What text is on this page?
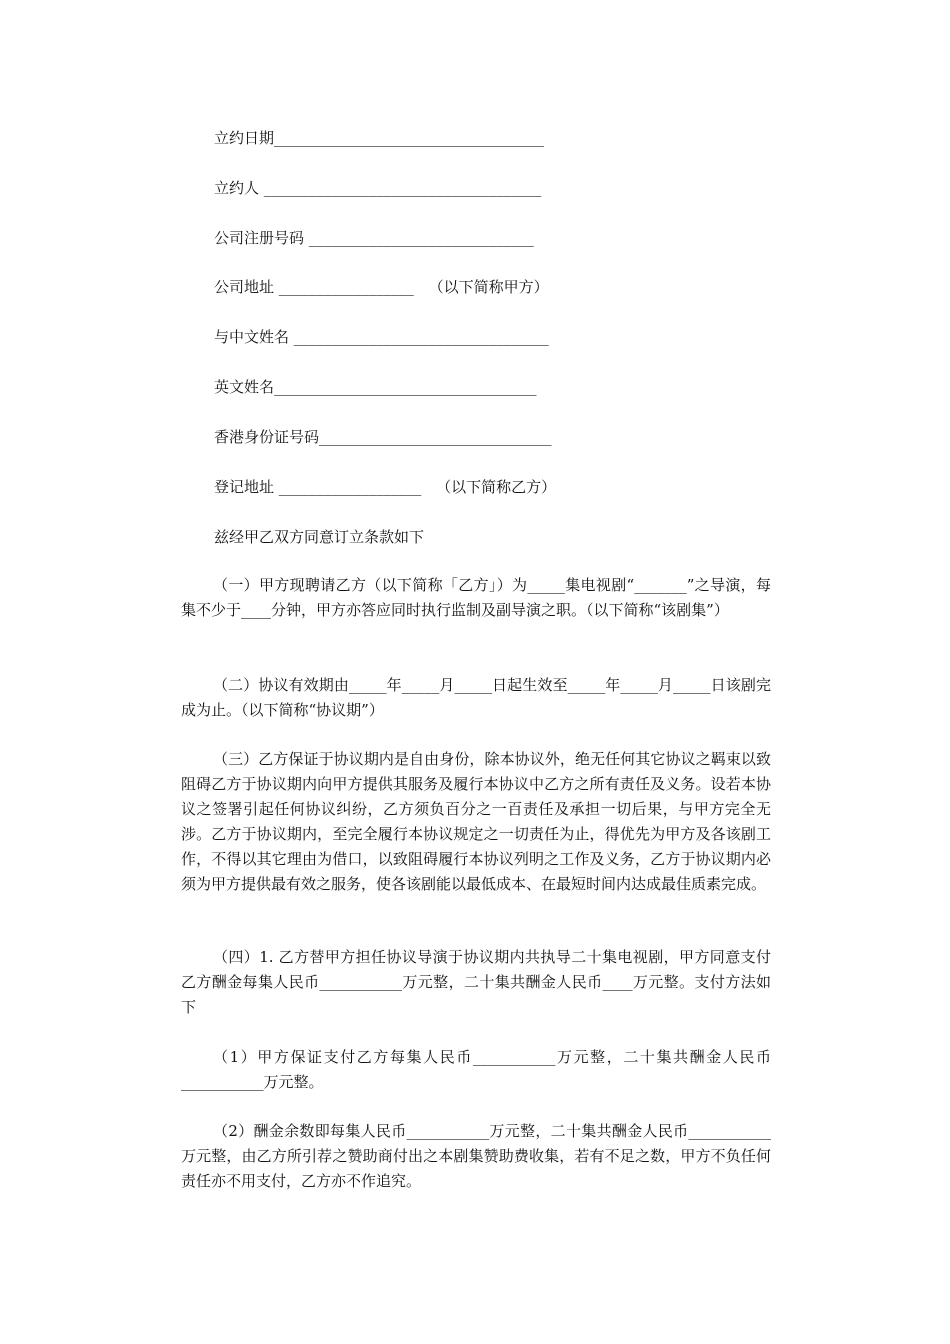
立约日期____________________________________
立约人 _____________________________________
公司注册号码 ______________________________
公司地址 __________________ （以下简称甲方）
与中文姓名 __________________________________
英文姓名___________________________________
香港身份证号码_______________________________
登记地址 ___________________ （以下简称乙方）
兹经甲乙双方同意订立条款如下
（一）甲方现聘请乙方（以下简称「乙方」）为_____集电视剧“_______”之导演，每集不少于____分钟，甲方亦答应同时执行监制及副导演之职。（以下简称“该剧集”）
（二）协议有效期由_____年_____月_____日起生效至_____年_____月_____日该剧完成为止。（以下简称“协议期”）
（三）乙方保证于协议期内是自由身份，除本协议外，绝无任何其它协议之羁束以致阻碍乙方于协议期内向甲方提供其服务及履行本协议中乙方之所有责任及义务。设若本协议之签署引起任何协议纠纷，乙方须负百分之一百责任及承担一切后果，与甲方完全无涉。乙方于协议期内，至完全履行本协议规定之一切责任为止，得优先为甲方及各该剧工作，不得以其它理由为借口，以致阻碍履行本协议列明之工作及义务，乙方于协议期内必须为甲方提供最有效之服务，使各该剧能以最低成本、在最短时间内达成最佳质素完成。
（四）1. 乙方替甲方担任协议导演于协议期内共执导二十集电视剧，甲方同意支付乙方酬金每集人民币___________万元整，二十集共酬金人民币____万元整。支付方法如下
（1）甲方保证支付乙方每集人民币___________万元整，二十集共酬金人民币___________万元整。
（2）酬金余数即每集人民币___________万元整，二十集共酬金人民币___________万元整，由乙方所引荐之赞助商付出之本剧集赞助费收集，若有不足之数，甲方不负任何责任亦不用支付，乙方亦不作追究。
